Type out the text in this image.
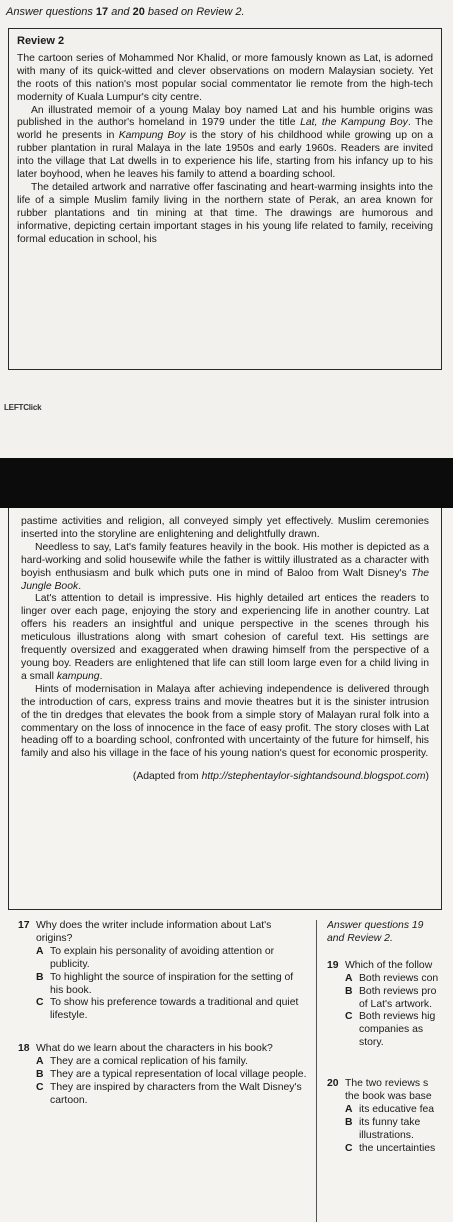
Answer questions 17 and 20 based on Review 2.
Review 2

The cartoon series of Mohammed Nor Khalid, or more famously known as Lat, is adorned with many of its quick-witted and clever observations on modern Malaysian society. Yet the roots of this nation's most popular social commentator lie remote from the high-tech modernity of Kuala Lumpur's city centre.

An illustrated memoir of a young Malay boy named Lat and his humble origins was published in the author's homeland in 1979 under the title Lat, the Kampung Boy. The world he presents in Kampung Boy is the story of his childhood while growing up on a rubber plantation in rural Malaya in the late 1950s and early 1960s. Readers are invited into the village that Lat dwells in to experience his life, starting from his infancy up to his later boyhood, when he leaves his family to attend a boarding school.

The detailed artwork and narrative offer fascinating and heart-warming insights into the life of a simple Muslim family living in the northern state of Perak, an area known for rubber plantations and tin mining at that time. The drawings are humorous and informative, depicting certain important stages in his young life related to family, receiving formal education in school, his

LEFTClick

pastime activities and religion, all conveyed simply yet effectively. Muslim ceremonies inserted into the storyline are enlightening and delightfully drawn.

Needless to say, Lat's family features heavily in the book. His mother is depicted as a hard-working and solid housewife while the father is wittily illustrated as a character with boyish enthusiasm and bulk which puts one in mind of Baloo from Walt Disney's The Jungle Book.

Lat's attention to detail is impressive. His highly detailed art entices the readers to linger over each page, enjoying the story and experiencing life in another country. Lat offers his readers an insightful and unique perspective in the scenes through his meticulous illustrations along with smart cohesion of careful text. His settings are frequently oversized and exaggerated when drawing himself from the perspective of a young boy. Readers are enlightened that life can still loom large even for a child living in a small kampung.

Hints of modernisation in Malaya after achieving independence is delivered through the introduction of cars, express trains and movie theatres but it is the sinister intrusion of the tin dredges that elevates the book from a simple story of Malayan rural folk into a commentary on the loss of innocence in the face of easy profit. The story closes with Lat heading off to a boarding school, confronted with uncertainty of the future for himself, his family and also his village in the face of his young nation's quest for economic prosperity.

(Adapted from http://stephentaylor-sightandsound.blogspot.com)

17 Why does the writer include information about Lat's origins?
A To explain his personality of avoiding attention or publicity.
B To highlight the source of inspiration for the setting of his book.
C To show his preference towards a traditional and quiet lifestyle.
18 What do we learn about the characters in his book?
A They are a comical replication of his family.
B They are a typical representation of local village people.
C They are inspired by characters from the Walt Disney's cartoon.
Answer questions 19
and Review 2.
19 Which of the follow
A Both reviews con
B Both reviews pro
of Lat's artwork.
C Both reviews hig
companies as
story.
20 The two reviews s
the book was base
A its educative fea
B its funny take
illustrations.
C the uncertainties
